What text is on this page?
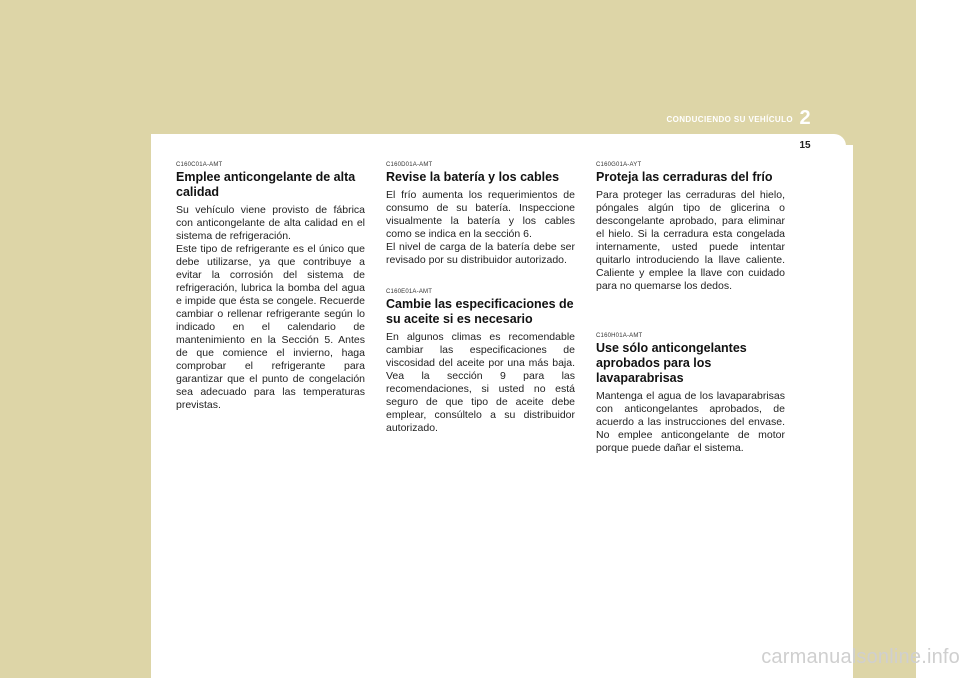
CONDUCIENDO SU VEHÍCULO 2
15
C160C01A-AMT
Emplee anticongelante de alta calidad

Su vehículo viene provisto de fábrica con anticongelante de alta calidad en el sistema de refrigeración.
Este tipo de refrigerante es el único que debe utilizarse, ya que contribuye a evitar la corrosión del sistema de refrigeración, lubrica la bomba del agua e impide que ésta se congele. Recuerde cambiar o rellenar refrigerante según lo indicado en el calendario de mantenimiento en la Sección 5. Antes de que comience el invierno, haga comprobar el refrigerante para garantizar que el punto de congelación sea adecuado para las temperaturas previstas.

C160D01A-AMT
Revise la batería y los cables

El frío aumenta los requerimientos de consumo de su batería. Inspeccione visualmente la batería y los cables como se indica en la sección 6.
El nivel de carga de la batería debe ser revisado por su distribuidor autorizado.

C160E01A-AMT
Cambie las especificaciones de su aceite si es necesario

En algunos climas es recomendable cambiar las especificaciones de viscosidad del aceite por una más baja. Vea la sección 9 para las recomendaciones, si usted no está seguro de que tipo de aceite debe emplear, consúltelo a su distribuidor autorizado.

C160G01A-AYT
Proteja las cerraduras del frío

Para proteger las cerraduras del hielo, póngales algún tipo de glicerina o descongelante aprobado, para eliminar el hielo. Si la cerradura esta congelada internamente, usted puede intentar quitarlo introduciendo la llave caliente. Caliente y emplee la llave con cuidado para no quemarse los dedos.

C160H01A-AMT
Use sólo anticongelantes aprobados para los lavaparabrisas

Mantenga el agua de los lavaparabrisas con anticongelantes aprobados, de acuerdo a las instrucciones del envase. No emplee anticongelante de motor porque puede dañar el sistema.

carmanualsonline.info
